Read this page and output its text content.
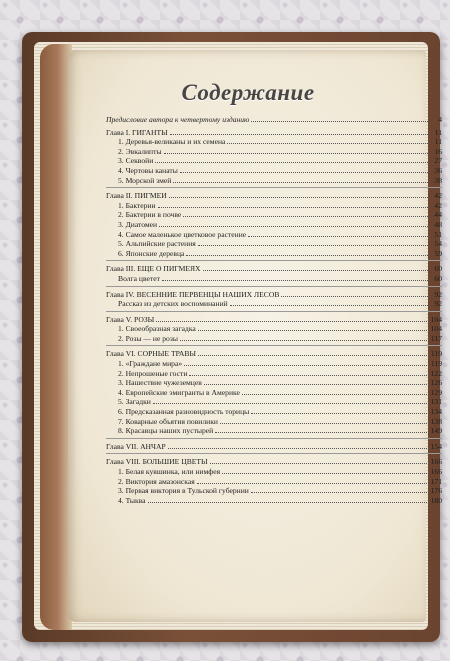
Содержание
Предисловие автора к четвертому изданию	4
Глава I. ГИГАНТЫ	11
1. Деревья-великаны и их семена	11
2. Эвкалипты	16
3. Секвойи	27
4. Чертовы канаты	36
5. Морской змей	38
Глава II. ПИГМЕИ	42
1. Бактерии	42
2. Бактерии в почве	44
3. Диатомеи	48
4. Самое маленькое цветковое растение	51
5. Альпийские растения	54
6. Японские деревца	59
Глава III. ЕЩЕ О ПИГМЕЯХ	60
Волга цветет	60
Глава IV. ВЕСЕННИЕ ПЕРВЕНЦЫ НАШИХ ЛЕСОВ	92
Рассказ из детских воспоминаний	92
Глава V. РОЗЫ	104
1. Своеобразная загадка	104
2. Розы — не розы	117
Глава VI. СОРНЫЕ ТРАВЫ	119
1. «Граждане мира»	119
2. Непрошеные гости	122
3. Нашествие чужеземцев	126
4. Европейские эмигранты в Америке	129
5. Загадки	131
6. Предсказанная разновидность торицы	134
7. Коварные объятия повилики	138
8. Красавцы наших пустырей	149
Глава VII. АНЧАР	154
Глава VIII. БОЛЬШИЕ ЦВЕТЫ	166
1. Белая кувшинка, или нимфея	166
2. Виктория амазонская	171
3. Первая виктория в Тульской губернии	176
4. Тыква	180
